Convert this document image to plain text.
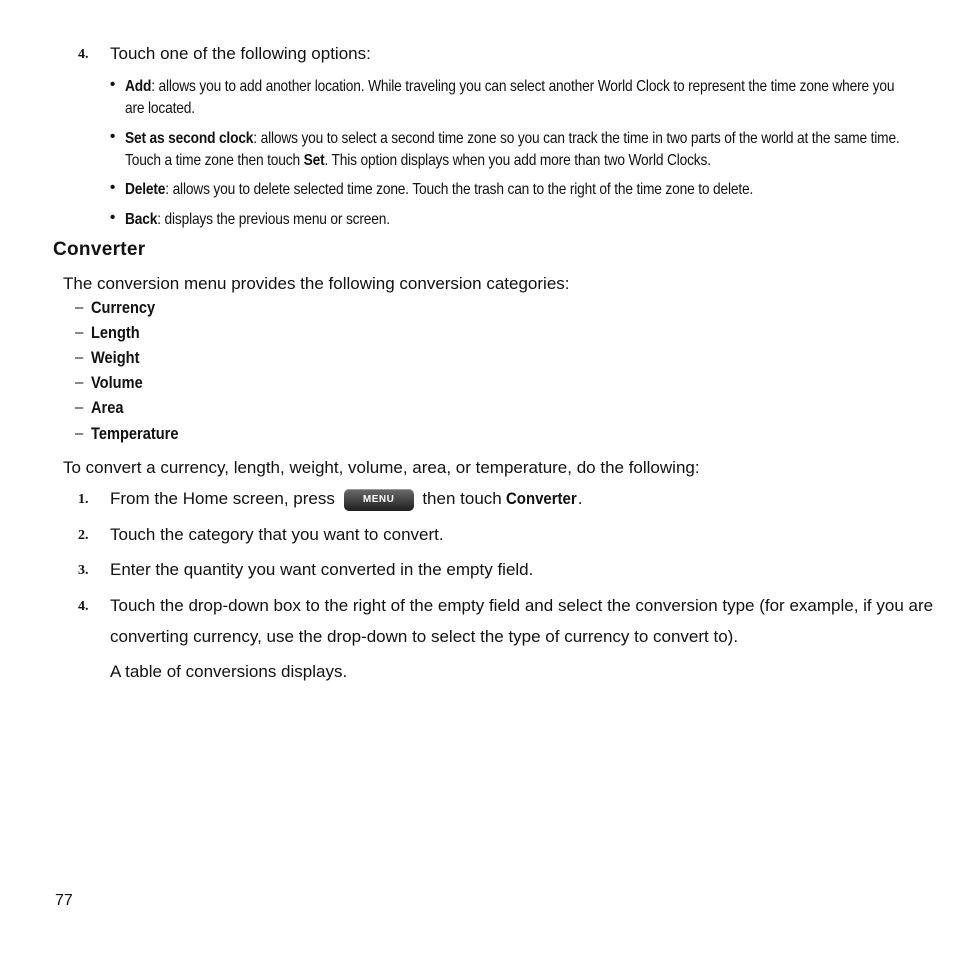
4. Touch one of the following options:
• Add: allows you to add another location. While traveling you can select another World Clock to represent the time zone where you
are located.
• Set as second clock: allows you to select a second time zone so you can track the time in two parts of the world at the same time.
Touch a time zone then touch Set. This option displays when you add more than two World Clocks.
• Delete: allows you to delete selected time zone. Touch the trash can to the right of the time zone to delete.
• Back: displays the previous menu or screen.
Converter
The conversion menu provides the following conversion categories:
– Currency
– Length
– Weight
– Volume
– Area
– Temperature
To convert a currency, length, weight, volume, area, or temperature, do the following:
1. From the Home screen, press	MENU then touch Converter.
2. Touch the category that you want to convert.
3. Enter the quantity you want converted in the empty field.
4. Touch the drop-down box to the right of the empty field and select the conversion type (for example, if you are
converting currency, use the drop-down to select the type of currency to convert to).
A table of conversions displays.
77
